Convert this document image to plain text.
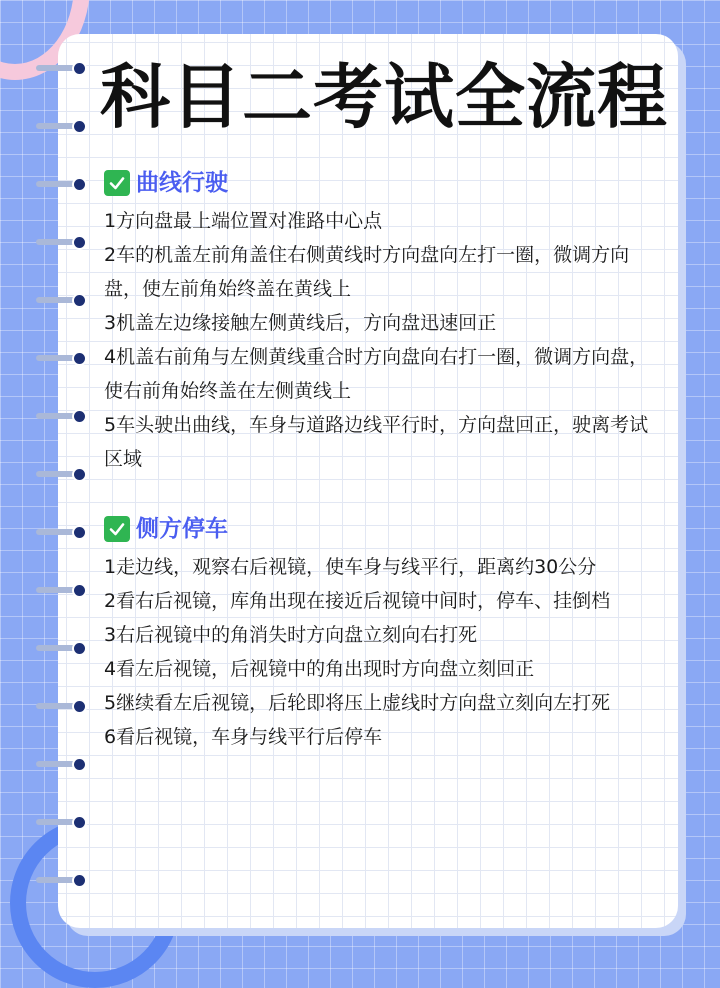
科目二考试全流程
曲线行驶
1方向盘最上端位置对准路中心点
2车的机盖左前角盖住右侧黄线时方向盘向左打一圈，微调方向盘，使左前角始终盖在黄线上
3机盖左边缘接触左侧黄线后，方向盘迅速回正
4机盖右前角与左侧黄线重合时方向盘向右打一圈，微调方向盘，使右前角始终盖在左侧黄线上
5车头驶出曲线，车身与道路边线平行时，方向盘回正，驶离考试区域
侧方停车
1走边线，观察右后视镜，使车身与线平行，距离约30公分
2看右后视镜，库角出现在接近后视镜中间时，停车、挂倒档
3右后视镜中的角消失时方向盘立刻向右打死
4看左后视镜，后视镜中的角出现时方向盘立刻回正
5继续看左后视镜，后轮即将压上虚线时方向盘立刻向左打死
6看后视镜，车身与线平行后停车
